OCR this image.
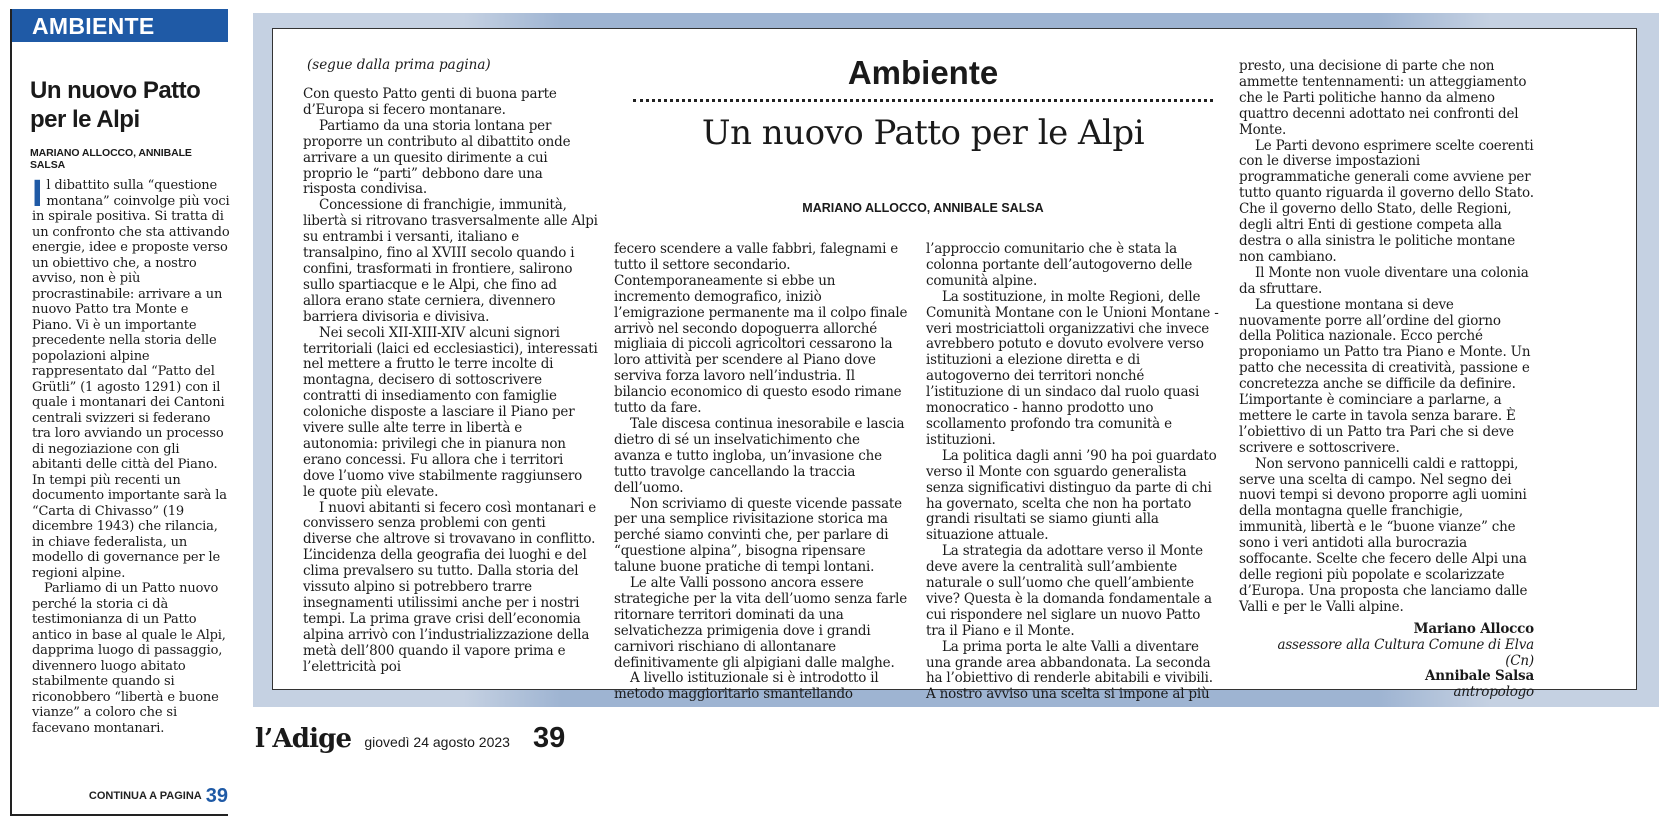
AMBIENTE
Un nuovo Patto per le Alpi
MARIANO ALLOCCO, ANNIBALE SALSA

Il dibattito sulla “questione montana” coinvolge più voci in spirale positiva. Si tratta di un confronto che sta attivando energie, idee e proposte verso un obiettivo che, a nostro avviso, non è più procrastinabile: arrivare a un nuovo Patto tra Monte e Piano. Vi è un importante precedente nella storia delle popolazioni alpine rappresentato dal “Patto del Grütli” (1 agosto 1291) con il quale i montanari dei Cantoni centrali svizzeri si federano tra loro avviando un processo di negoziazione con gli abitanti delle città del Piano. In tempi più recenti un documento importante sarà la “Carta di Chivasso” (19 dicembre 1943) che rilancia, in chiave federalista, un modello di governance per le regioni alpine.

Parliamo di un Patto nuovo perché la storia ci dà testimonianza di un Patto antico in base al quale le Alpi, dapprima luogo di passaggio, divennero luogo abitato stabilmente quando si riconobbero “libertà e buone vianze” a coloro che si facevano montanari.

CONTINUA A PAGINA 39
(segue dalla prima pagina)	Ambiente
Un nuovo Patto per le Alpi
MARIANO ALLOCCO, ANNIBALE SALSA

Con questo Patto genti di buona parte d’Europa si fecero montanare.

Partiamo da una storia lontana per proporre un contributo al dibattito onde arrivare a un quesito dirimente a cui proprio le “parti” debbono dare una risposta condivisa.

Concessione di franchigie, immunità, libertà si ritrovano trasversalmente alle Alpi su entrambi i versanti, italiano e transalpino, fino al XVIII secolo quando i confini, trasformati in frontiere, salirono sullo spartiacque e le Alpi, che fino ad allora erano state cerniera, divennero barriera divisoria e divisiva.

Nei secoli XII-XIII-XIV alcuni signori territoriali (laici ed ecclesiastici), interessati nel mettere a frutto le terre incolte di montagna, decisero di sottoscrivere contratti di insediamento con famiglie coloniche disposte a lasciare il Piano per vivere sulle alte terre in libertà e autonomia: privilegi che in pianura non erano concessi. Fu allora che i territori dove l’uomo vive stabilmente raggiunsero le quote più elevate.

I nuovi abitanti si fecero così montanari e convissero senza problemi con genti diverse che altrove si trovavano in conflitto. L’incidenza della geografia dei luoghi e del clima prevalsero su tutto. Dalla storia del vissuto alpino si potrebbero trarre insegnamenti utilissimi anche per i nostri tempi. La prima grave crisi dell’economia alpina arrivò con l’industrializzazione della metà dell’800 quando il vapore prima e l’elettricità poi

fecero scendere a valle fabbri, falegnami e tutto il settore secondario. Contemporaneamente si ebbe un incremento demografico, iniziò l’emigrazione permanente ma il colpo finale arrivò nel secondo dopoguerra allorché migliaia di piccoli agricoltori cessarono la loro attività per scendere al Piano dove serviva forza lavoro nell’industria. Il bilancio economico di questo esodo rimane tutto da fare.

Tale discesa continua inesorabile e lascia dietro di sé un inselvatichimento che avanza e tutto ingloba, un’invasione che tutto travolge cancellando la traccia dell’uomo.

Non scriviamo di queste vicende passate per una semplice rivisitazione storica ma perché siamo convinti che, per parlare di “questione alpina”, bisogna ripensare talune buone pratiche di tempi lontani.

Le alte Valli possono ancora essere strategiche per la vita dell’uomo senza farle ritornare territori dominati da una selvatichezza primigenia dove i grandi carnivori rischiano di allontanare definitivamente gli alpigiani dalle malghe.

A livello istituzionale si è introdotto il metodo maggioritario smantellando

l’approccio comunitario che è stata la colonna portante dell’autogoverno delle comunità alpine.

La sostituzione, in molte Regioni, delle Comunità Montane con le Unioni Montane - veri mostriciattoli organizzativi che invece avrebbero potuto e dovuto evolvere verso istituzioni a elezione diretta e di autogoverno dei territori nonché l’istituzione di un sindaco dal ruolo quasi monocratico - hanno prodotto uno scollamento profondo tra comunità e istituzioni.

La politica dagli anni ’90 ha poi guardato verso il Monte con sguardo generalista senza significativi distinguo da parte di chi ha governato, scelta che non ha portato grandi risultati se siamo giunti alla situazione attuale.

La strategia da adottare verso il Monte deve avere la centralità sull’ambiente naturale o sull’uomo che quell’ambiente vive? Questa è la domanda fondamentale a cui rispondere nel siglare un nuovo Patto tra il Piano e il Monte.

La prima porta le alte Valli a diventare una grande area abbandonata. La seconda ha l’obiettivo di renderle abitabili e vivibili. A nostro avviso una scelta si impone al più

presto, una decisione di parte che non ammette tentennamenti: un atteggiamento che le Parti politiche hanno da almeno quattro decenni adottato nei confronti del Monte.

Le Parti devono esprimere scelte coerenti con le diverse impostazioni programmatiche generali come avviene per tutto quanto riguarda il governo dello Stato. Che il governo dello Stato, delle Regioni, degli altri Enti di gestione competa alla destra o alla sinistra le politiche montane non cambiano.

Il Monte non vuole diventare una colonia da sfruttare.

La questione montana si deve nuovamente porre all’ordine del giorno della Politica nazionale. Ecco perché proponiamo un Patto tra Piano e Monte. Un patto che necessita di creatività, passione e concretezza anche se difficile da definire. L’importante è cominciare a parlarne, a mettere le carte in tavola senza barare. È l’obiettivo di un Patto tra Pari che si deve scrivere e sottoscrivere.

Non servono pannicelli caldi e rattoppi, serve una scelta di campo. Nel segno dei nuovi tempi si devono proporre agli uomini della montagna quelle franchigie, immunità, libertà e le “buone vianze” che sono i veri antidoti alla burocrazia soffocante. Scelte che fecero delle Alpi una delle regioni più popolate e scolarizzate d’Europa. Una proposta che lanciamo dalle Valli e per le Valli alpine.

Mariano Allocco

assessore alla Cultura Comune di Elva (Cn)

Annibale Salsa

antropologo

l’Adige giovedì 24 agosto 2023 39
